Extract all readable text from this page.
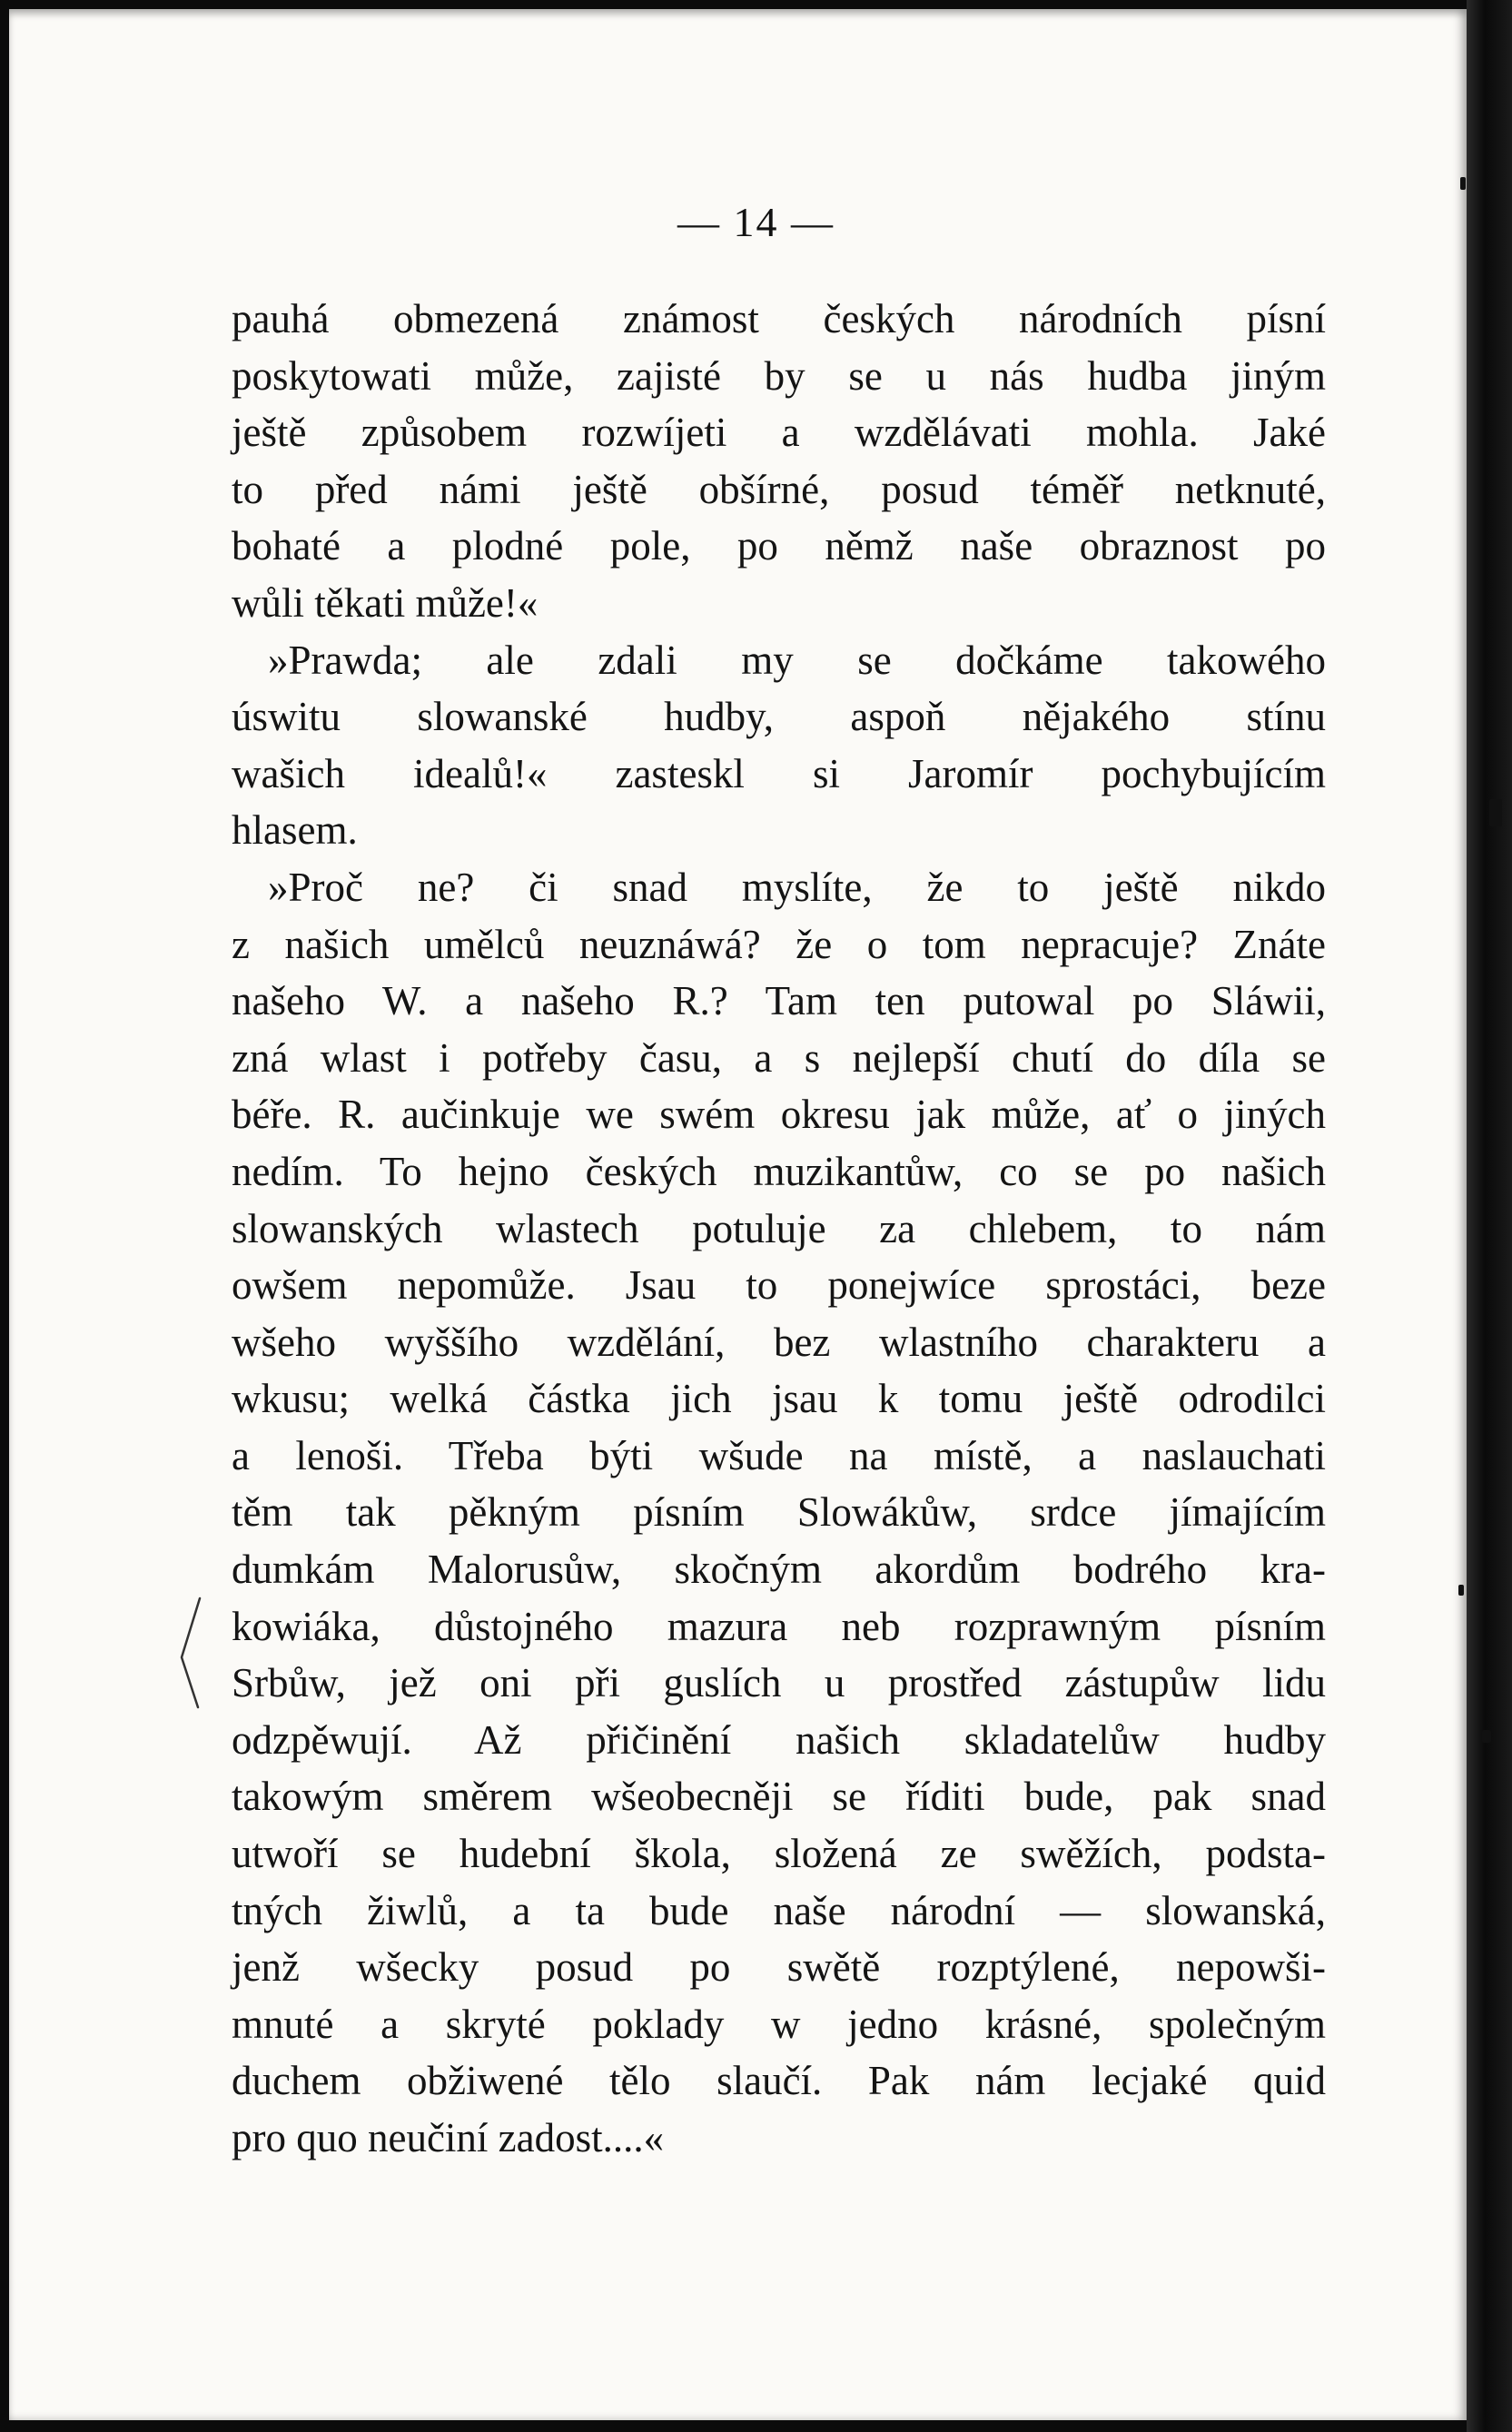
— 14 —
pauhá obmezená známost českých národních písní
poskytowati může, zajisté by se u nás hudba jiným
ještě způsobem rozwíjeti a wzdělávati mohla. Jaké
to před námi ještě obšírné, posud téměř netknuté,
bohaté a plodné pole, po němž naše obraznost po
wůli těkati může!«
»Prawda; ale zdali my se dočkáme takowého
úswitu slowanské hudby, aspoň nějakého stínu
wašich idealů!« zasteskl si Jaromír pochybujícím
hlasem.
»Proč ne? či snad myslíte, že to ještě nikdo
z našich umělců neuznáwá? že o tom nepracuje? Znáte
našeho W. a našeho R.? Tam ten putowal po Sláwii,
zná wlast i potřeby času, a s nejlepší chutí do díla se
béře. R. aučinkuje we swém okresu jak může, ať o jiných
nedím. To hejno českých muzikantůw, co se po našich
slowanských wlastech potuluje za chlebem, to nám
owšem nepomůže. Jsau to ponejwíce sprostáci, beze
wšeho wyššího wzdělání, bez wlastního charakteru a
wkusu; welká částka jich jsau k tomu ještě odrodilci
a lenoši. Třeba býti wšude na místě, a naslauchati
těm tak pěkným písním Slowákůw, srdce jímajícím
dumkám Malorusůw, skočným akordům bodrého kra-
kowiáka, důstojného mazura neb rozprawným písním
Srbůw, jež oni při guslích u prostřed zástupůw lidu
odzpěwují. Až přičinění našich skladatelůw hudby
takowým směrem wšeobecněji se říditi bude, pak snad
utwoří se hudební škola, složená ze swěžích, podsta-
tných žiwlů, a ta bude naše národní — slowanská,
jenž wšecky posud po swětě rozptýlené, nepowši-
mnuté a skryté poklady w jedno krásné, společným
duchem obžiwené tělo slaučí. Pak nám lecjaké quid
pro quo neučiní zadost....«
